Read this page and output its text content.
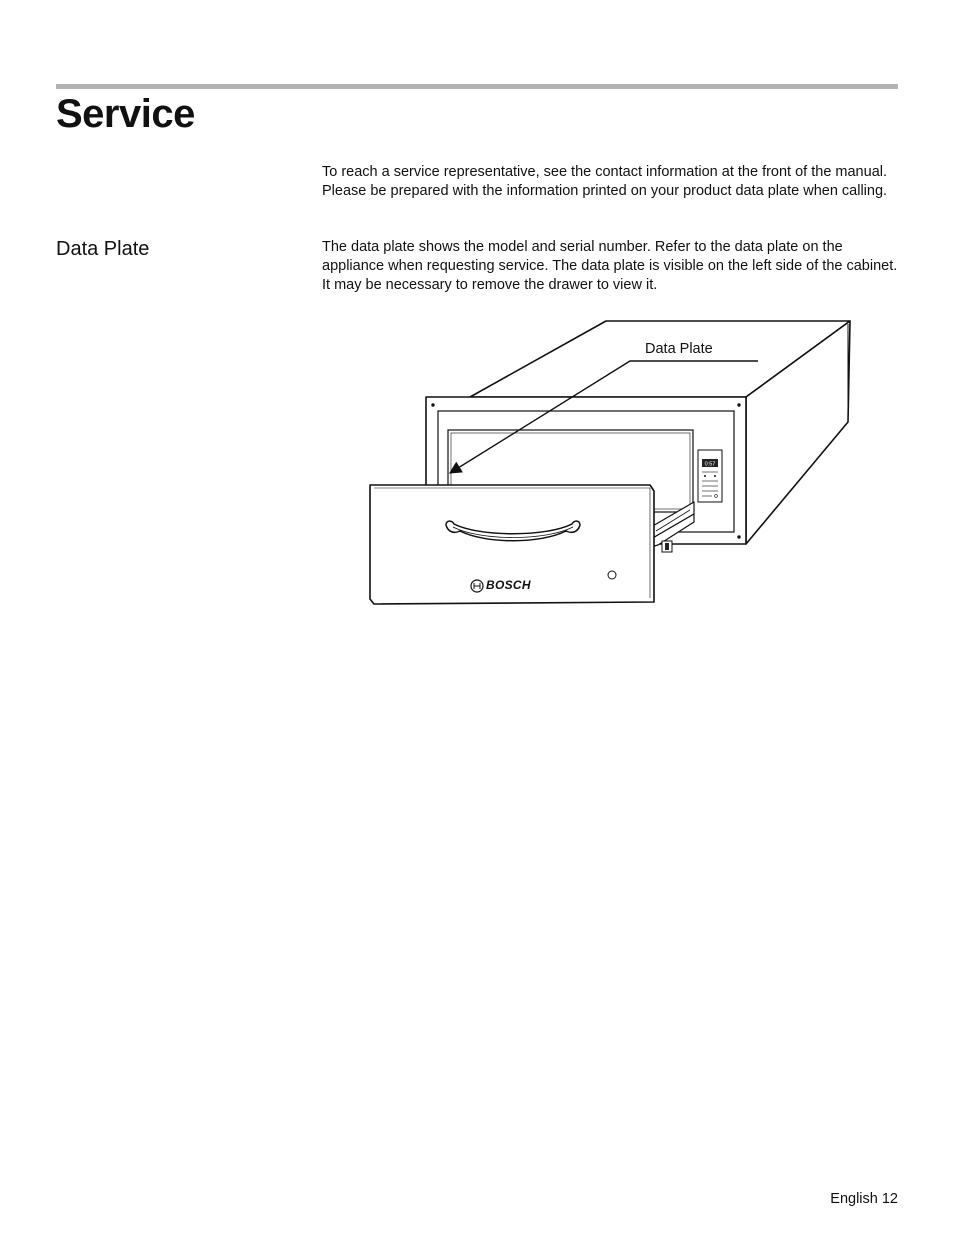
Service

To reach a service representative, see the contact information at the front of the manual. Please be prepared with the information printed on your product data plate when calling.

Data Plate	The data plate shows the model and serial number. Refer to the data plate on the appliance when requesting service. The data plate is visible on the left side of the cabinet. It may be necessary to remove the drawer to view it.

0:57
Data Plate
BOSCH
English 12
